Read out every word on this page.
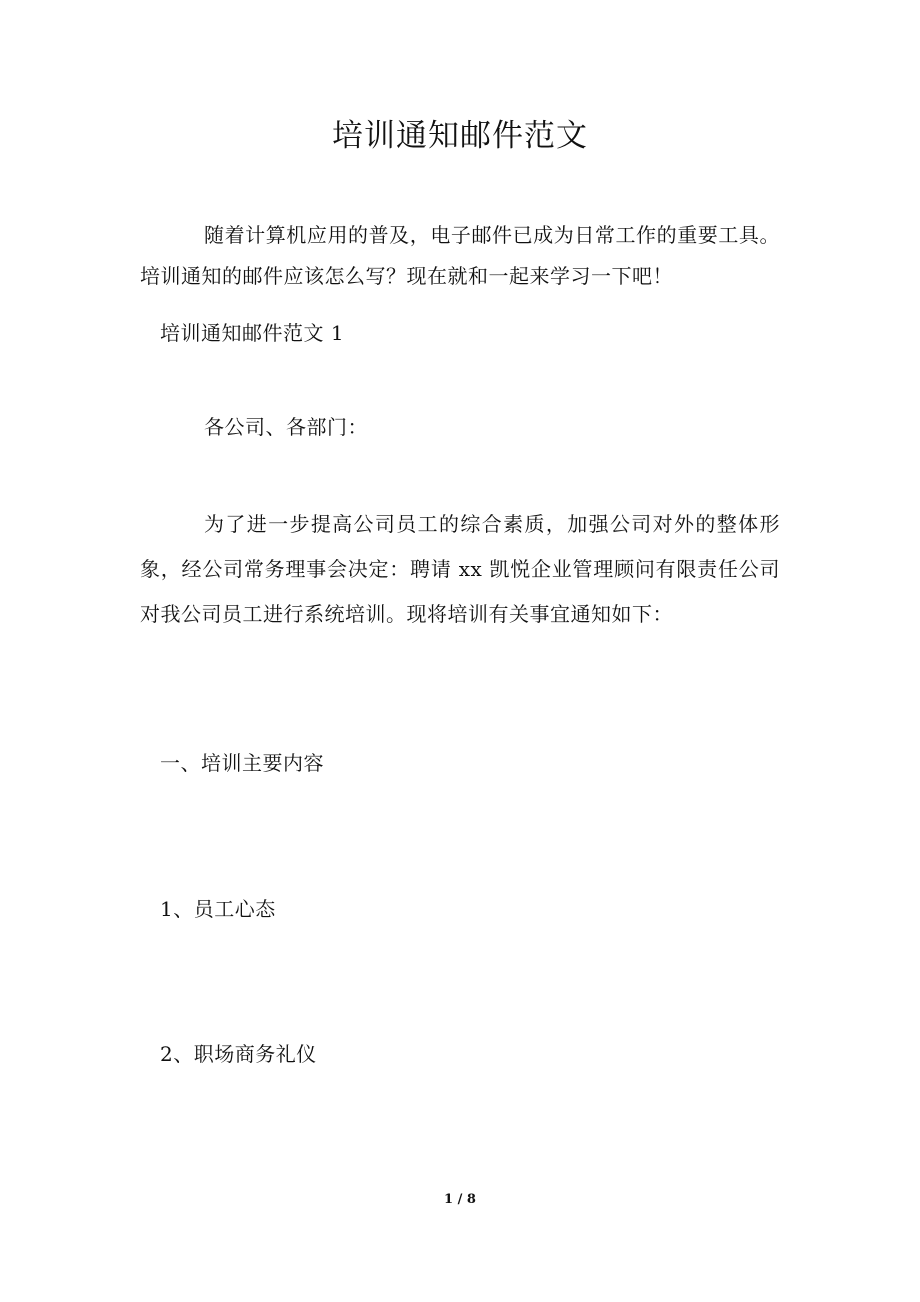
培训通知邮件范文
随着计算机应用的普及，电子邮件已成为日常工作的重要工具。培训通知的邮件应该怎么写？现在就和一起来学习一下吧！
培训通知邮件范文 1
各公司、各部门：
为了进一步提高公司员工的综合素质，加强公司对外的整体形象，经公司常务理事会决定：聘请 xx 凯悦企业管理顾问有限责任公司对我公司员工进行系统培训。现将培训有关事宜通知如下：
一、培训主要内容
1、员工心态
2、职场商务礼仪
1 / 8
